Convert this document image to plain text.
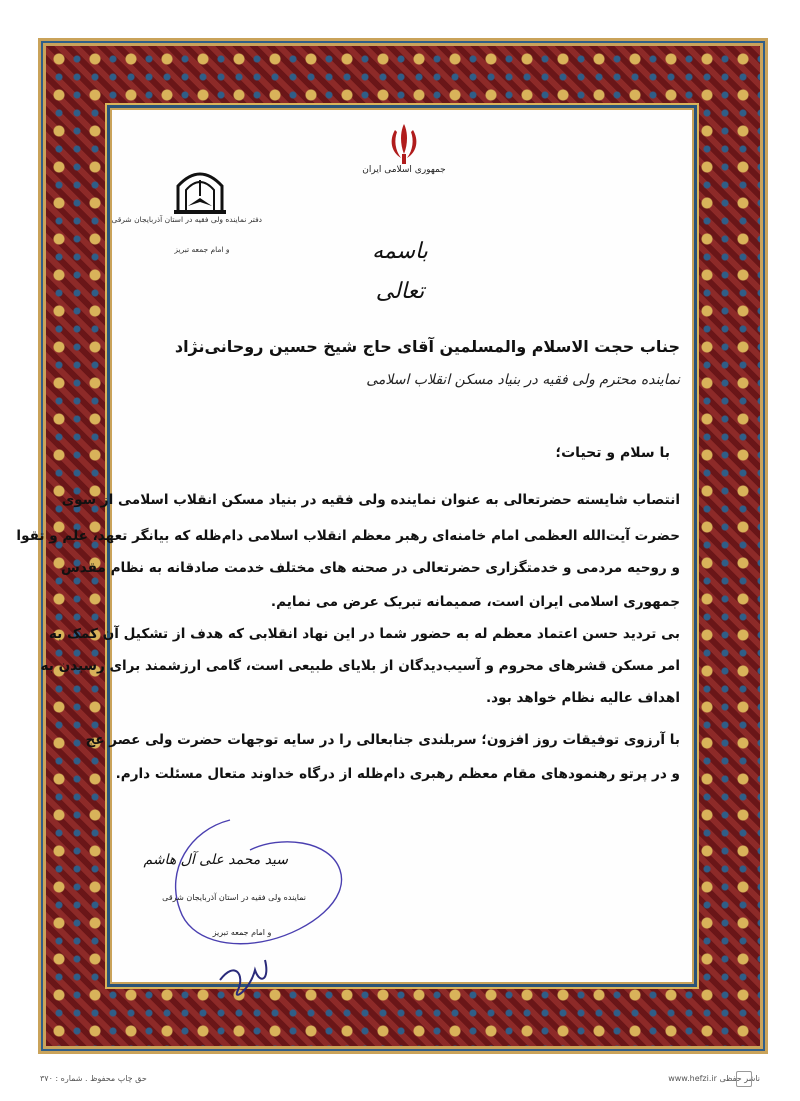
جمهوری اسلامی ایران
دفتر نماینده ولی فقیه در استان آذربایجان شرقی
و امام جمعه تبریز	باسمه تعالی
جناب حجت الاسلام والمسلمین آقای حاج شیخ حسین روحانی‌نژاد
نماینده محترم ولی فقیه در بنیاد مسکن انقلاب اسلامی
با سلام و تحیات؛
انتصاب شایسته حضرتعالی به عنوان نماینده ولی فقیه در بنیاد مسکن انقلاب اسلامی از سوی
حضرت آیت‌الله العظمی امام خامنه‌ای رهبر معظم انقلاب اسلامی دام‌ظله که بیانگر تعهد، علم و تقوا
و روحیه مردمی و خدمتگزاری حضرتعالی در صحنه های مختلف خدمت صادقانه به نظام مقدس
جمهوری اسلامی ایران است، صمیمانه تبریک عرض می نمایم.
بی تردید حسن اعتماد معظم له به حضور شما در این نهاد انقلابی که هدف از تشکیل آن کمک به
امر مسکن قشرهای محروم و آسیب‌دیدگان از بلایای طبیعی است، گامی ارزشمند برای رسیدن به
اهداف عالیه نظام خواهد بود.
با آرزوی توفیقات روز افزون؛ سربلندی جنابعالی را در سایه توجهات حضرت ولی عصر عج
و در پرتو رهنمودهای مقام معظم رهبری دام‌ظله از درگاه خداوند متعال مسئلت دارم.
سید محمد علی آل هاشم
نماینده ولی فقیه در استان آذربایجان شرقی
و امام جمعه تبریز
حق چاپ محفوظ . شماره : ۳۷۰	www.hefzi.ir ناشر حفظی
